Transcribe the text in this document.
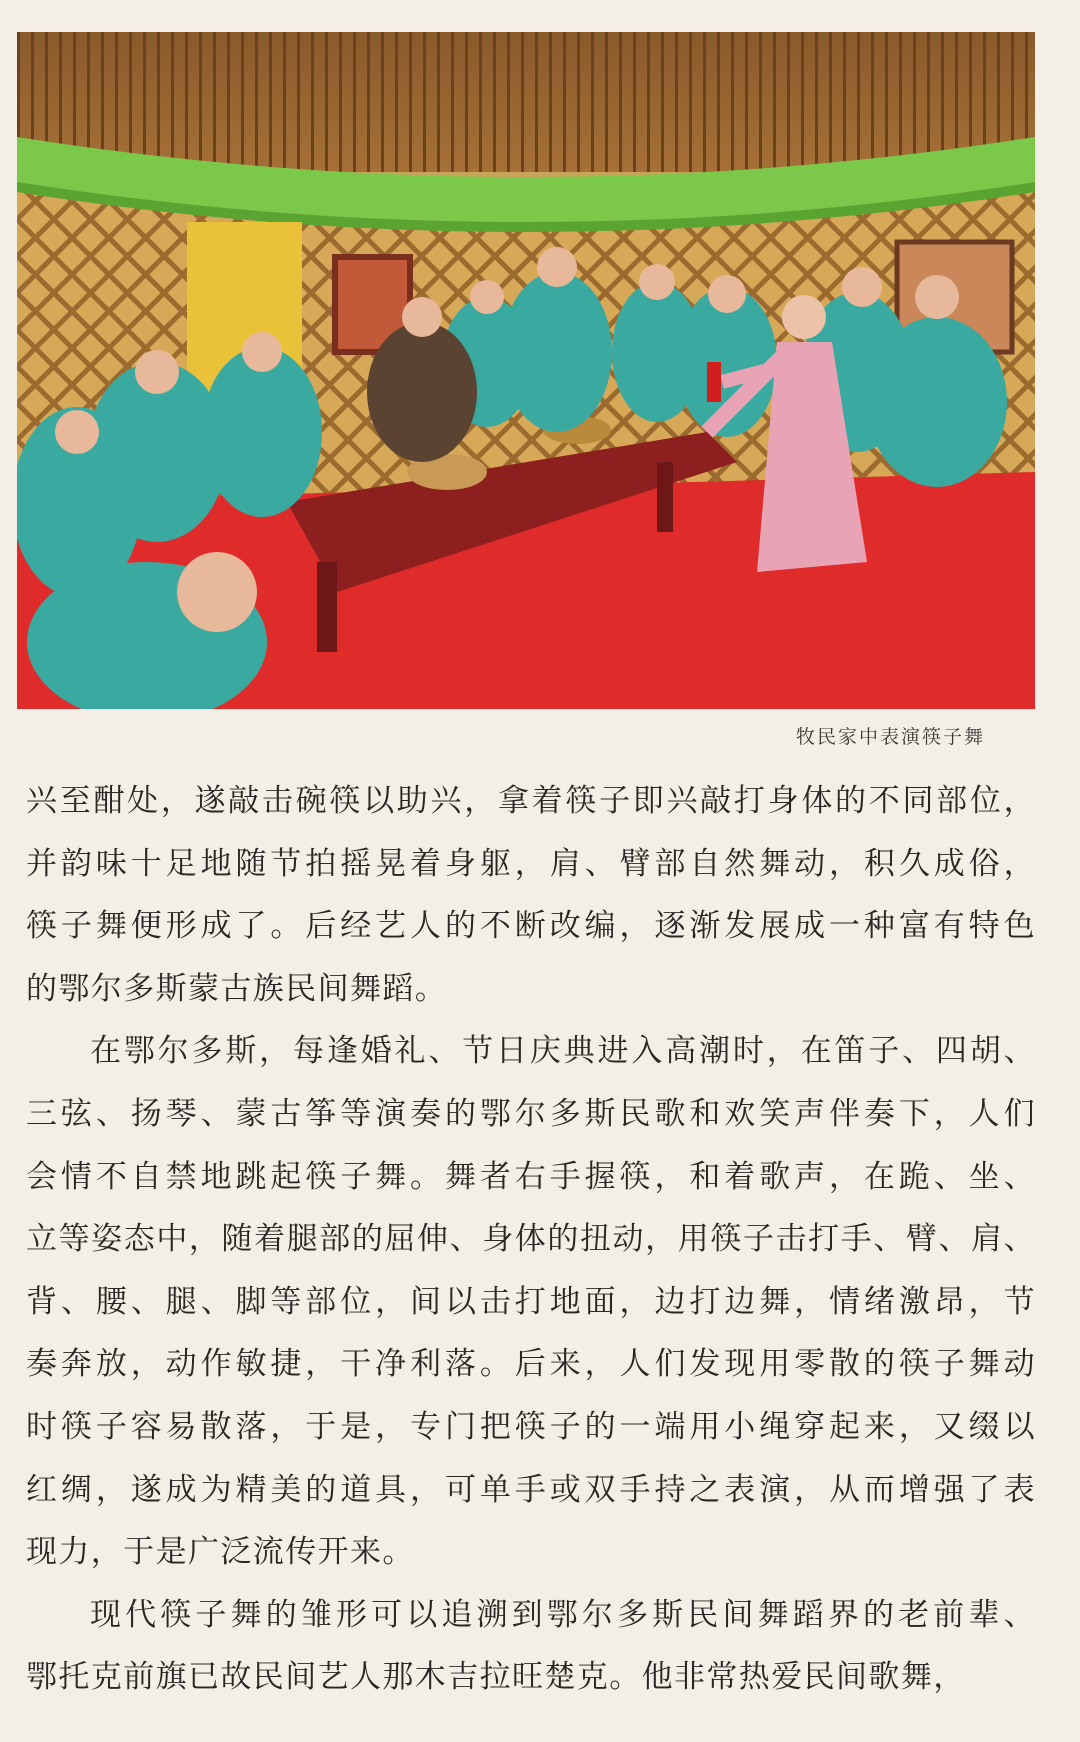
牧民家中表演筷子舞
兴至酣处，遂敲击碗筷以助兴，拿着筷子即兴敲打身体的不同部位，
并韵味十足地随节拍摇晃着身躯，肩、臂部自然舞动，积久成俗，
筷子舞便形成了。后经艺人的不断改编，逐渐发展成一种富有特色
的鄂尔多斯蒙古族民间舞蹈。
在鄂尔多斯，每逢婚礼、节日庆典进入高潮时，在笛子、四胡、
三弦、扬琴、蒙古筝等演奏的鄂尔多斯民歌和欢笑声伴奏下，人们
会情不自禁地跳起筷子舞。舞者右手握筷，和着歌声，在跪、坐、
立等姿态中，随着腿部的屈伸、身体的扭动，用筷子击打手、臂、肩、
背、腰、腿、脚等部位，间以击打地面，边打边舞，情绪激昂，节
奏奔放，动作敏捷，干净利落。后来，人们发现用零散的筷子舞动
时筷子容易散落，于是，专门把筷子的一端用小绳穿起来，又缀以
红绸，遂成为精美的道具，可单手或双手持之表演，从而增强了表
现力，于是广泛流传开来。
现代筷子舞的雏形可以追溯到鄂尔多斯民间舞蹈界的老前辈、
鄂托克前旗已故民间艺人那木吉拉旺楚克。他非常热爱民间歌舞，
